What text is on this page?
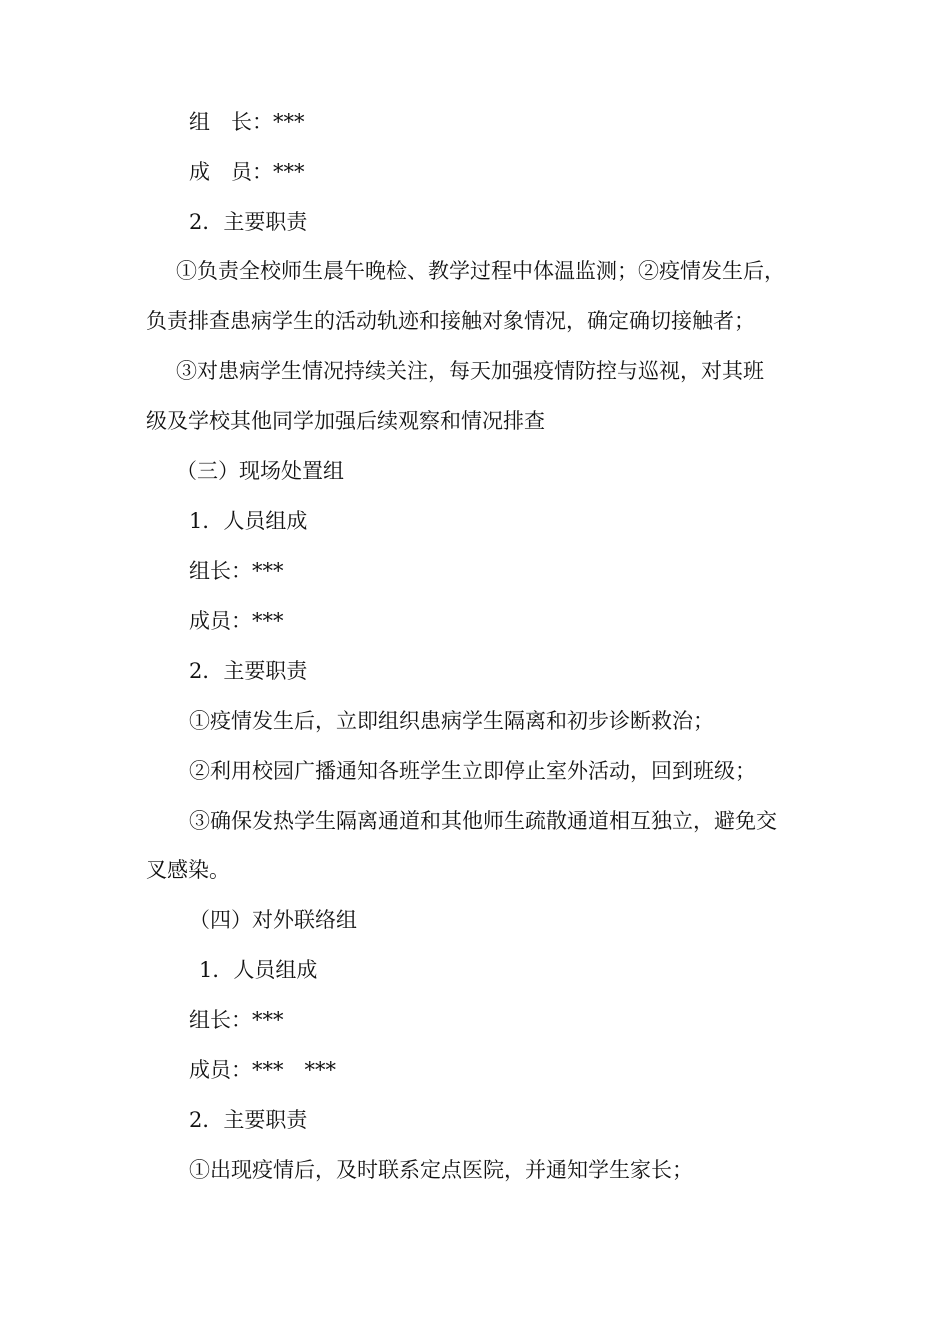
组　长：***
成　员：***
2．主要职责
①负责全校师生晨午晚检、教学过程中体温监测；②疫情发生后，
负责排查患病学生的活动轨迹和接触对象情况，确定确切接触者；
③对患病学生情况持续关注，每天加强疫情防控与巡视，对其班
级及学校其他同学加强后续观察和情况排查
（三）现场处置组
1．人员组成
组长：***
成员：***
2．主要职责
①疫情发生后，立即组织患病学生隔离和初步诊断救治；
②利用校园广播通知各班学生立即停止室外活动，回到班级；
③确保发热学生隔离通道和其他师生疏散通道相互独立，避免交
叉感染。
（四）对外联络组
1．人员组成
组长：***
成员：***　***
2．主要职责
①出现疫情后，及时联系定点医院，并通知学生家长；
